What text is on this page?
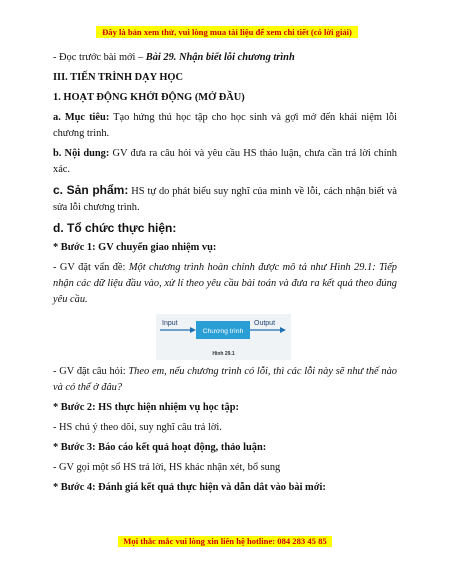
Đây là bản xem thử, vui lòng mua tài liệu để xem chi tiết (có lời giải)

- Đọc trước bài mới – Bài 29. Nhận biết lỗi chương trình

III. TIẾN TRÌNH DẠY HỌC

1. HOẠT ĐỘNG KHỞI ĐỘNG (MỞ ĐẦU)

a. Mục tiêu: Tạo hứng thú học tập cho học sinh và gợi mở đến khái niệm lỗi chương trình.

b. Nội dung: GV đưa ra câu hỏi và yêu cầu HS thảo luận, chưa cần trả lời chính xác.

c. Sản phẩm: HS tự do phát biểu suy nghĩ của mình về lỗi, cách nhận biết và sửa lỗi chương trình.

d. Tổ chức thực hiện:

* Bước 1: GV chuyển giao nhiệm vụ:

- GV đặt vấn đề: Một chương trình hoàn chỉnh được mô tả như Hình 29.1: Tiếp nhận các dữ liệu đầu vào, xử lí theo yêu cầu bài toán và đưa ra kết quả theo đúng yêu cầu.

Input
Chương trình
Output
Hình 29.1

- GV đặt câu hỏi: Theo em, nếu chương trình có lỗi, thì các lỗi này sẽ như thế nào và có thể ở đâu?

* Bước 2: HS thực hiện nhiệm vụ học tập:

- HS chú ý theo dõi, suy nghĩ câu trả lời.

* Bước 3: Báo cáo kết quả hoạt động, thảo luận:

- GV gọi một số HS trả lời, HS khác nhận xét, bổ sung

* Bước 4: Đánh giá kết quả thực hiện và dẫn dắt vào bài mới:

Mọi thắc mắc vui lòng xin liên hệ hotline: 084 283 45 85
